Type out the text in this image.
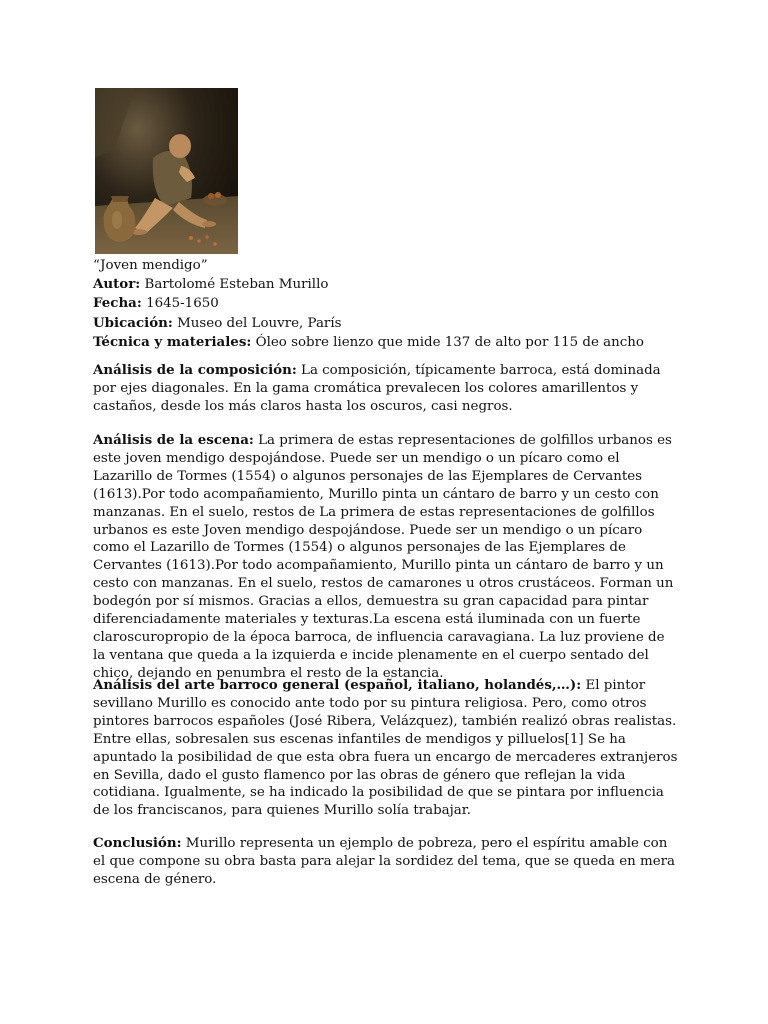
“Joven mendigo”
Autor: Bartolomé Esteban Murillo
Fecha: 1645-1650
Ubicación: Museo del Louvre, París
Técnica y materiales: Óleo sobre lienzo que mide 137 de alto por 115 de ancho
Análisis de la composición: La composición, típicamente barroca, está dominada por ejes diagonales. En la gama cromática prevalecen los colores amarillentos y castaños, desde los más claros hasta los oscuros, casi negros.
Análisis de la escena: La primera de estas representaciones de golfillos urbanos es este joven mendigo despojándose. Puede ser un mendigo o un pícaro como el Lazarillo de Tormes (1554) o algunos personajes de las Ejemplares de Cervantes (1613).Por todo acompañamiento, Murillo pinta un cántaro de barro y un cesto con manzanas. En el suelo, restos de La primera de estas representaciones de golfillos urbanos es este Joven mendigo despojándose. Puede ser un mendigo o un pícaro como el Lazarillo de Tormes (1554) o algunos personajes de las Ejemplares de Cervantes (1613).Por todo acompañamiento, Murillo pinta un cántaro de barro y un cesto con manzanas. En el suelo, restos de camarones u otros crustáceos. Forman un bodegón por sí mismos. Gracias a ellos, demuestra su gran capacidad para pintar diferenciadamente materiales y texturas.La escena está iluminada con un fuerte claroscuropropio de la época barroca, de influencia caravagiana. La luz proviene de la ventana que queda a la izquierda e incide plenamente en el cuerpo sentado del chico, dejando en penumbra el resto de la estancia.
Análisis del arte barroco general (español, italiano, holandés,…): El pintor sevillano Murillo es conocido ante todo por su pintura religiosa. Pero, como otros pintores barrocos españoles (José Ribera, Velázquez), también realizó obras realistas. Entre ellas, sobresalen sus escenas infantiles de mendigos y pilluelos[1] Se ha apuntado la posibilidad de que esta obra fuera un encargo de mercaderes extranjeros en Sevilla, dado el gusto flamenco por las obras de género que reflejan la vida cotidiana. Igualmente, se ha indicado la posibilidad de que se pintara por influencia de los franciscanos, para quienes Murillo solía trabajar.
Conclusión: Murillo representa un ejemplo de pobreza, pero el espíritu amable con el que compone su obra basta para alejar la sordidez del tema, que se queda en mera escena de género.
